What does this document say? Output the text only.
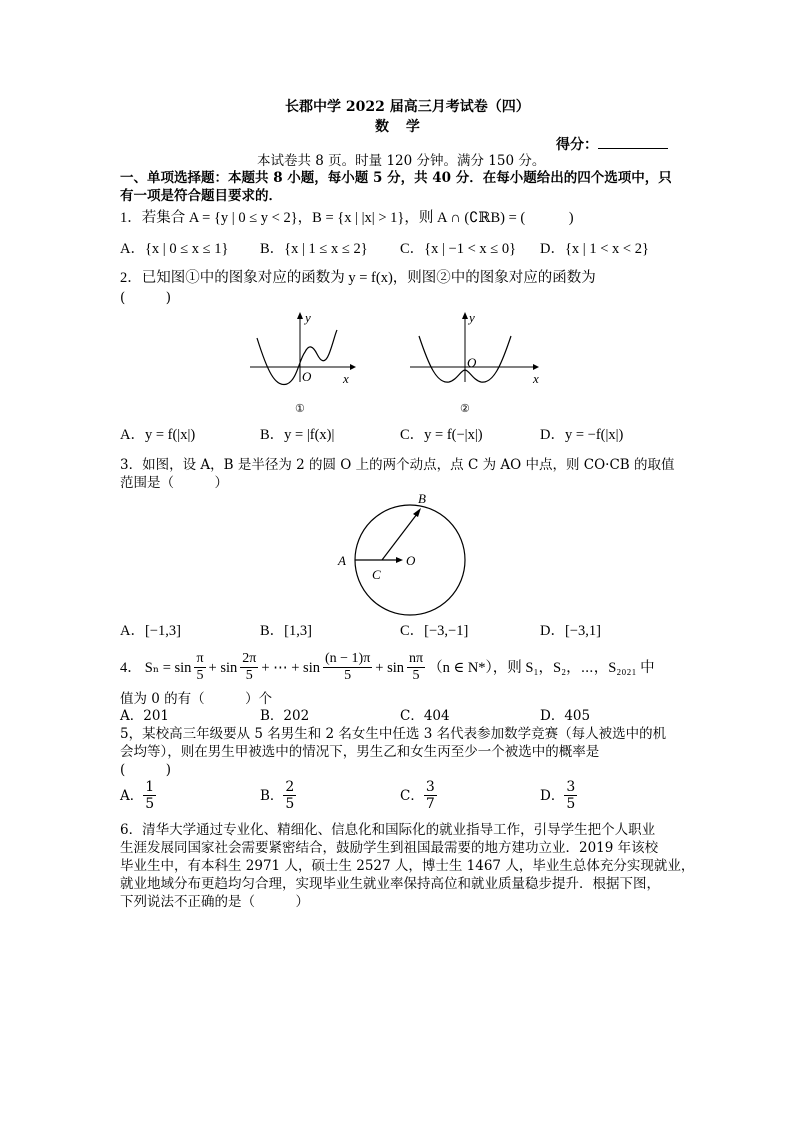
长郡中学 2022 届高三月考试卷（四）
数 学
得分：
本试卷共 8 页。时量 120 分钟。满分 150 分。
一、单项选择题：本题共 8 小题，每小题 5 分，共 40 分．在每小题给出的四个选项中，只
有一项是符合题目要求的．
1．若集合 A = {y | 0 ≤ y < 2}，B = {x | |x| > 1}，则 A ∩ (∁ℝB) = (　　　)
A．{x | 0 ≤ x ≤ 1} B．{x | 1 ≤ x ≤ 2} C．{x | −1 < x ≤ 0} D．{x | 1 < x < 2}
2．已知图①中的图象对应的函数为 y = f(x)，则图②中的图象对应的函数为
(　　　)
y
O x
①
y
O
x
②
A．y = f(|x|)	B．y = |f(x)|	C．y = f(−|x|)	D．y = −f(|x|)
3．如图，设 A，B 是半径为 2 的圆 O 上的两个动点，点 C 为 AO 中点，则 CO·CB 的取值
范围是（　　　）
A
B
C
O
A．[−1,3]	B．[1,3]	C．[−3,−1]	D．[−3,1]
4． $S_n = \sin \frac{\pi}{5} + \sin \frac{2\pi}{5}$ + ⋯ + $\sin \frac{(n - 1)\pi}{5} + \sin \frac{n\pi}{5} (n$ ∈ N*），则 S₁，S₂，⋯，S₂₀₂₁ 中
值为 0 的有（　　　）个
A．201	B．202	C．404	D．405
5，某校高三年级要从 5 名男生和 2 名女生中任选 3 名代表参加数学竞赛（每人被选中的机
会均等），则在男生甲被选中的情况下，男生乙和女生丙至少一个被选中的概率是
(　　　)
A． $\frac{1}{5}$	B． $\frac{2}{5}$	C． $\frac{3}{7}$	D． $\frac{3}{5}$
6．清华大学通过专业化、精细化、信息化和国际化的就业指导工作，引导学生把个人职业
生涯发展同国家社会需要紧密结合，鼓励学生到祖国最需要的地方建功立业．2019 年该校
毕业生中，有本科生 2971 人，硕士生 2527 人，博士生 1467 人，毕业生总体充分实现就业，
就业地域分布更趋均匀合理，实现毕业生就业率保持高位和就业质量稳步提升．根据下图，
下列说法不正确的是（　　　）
